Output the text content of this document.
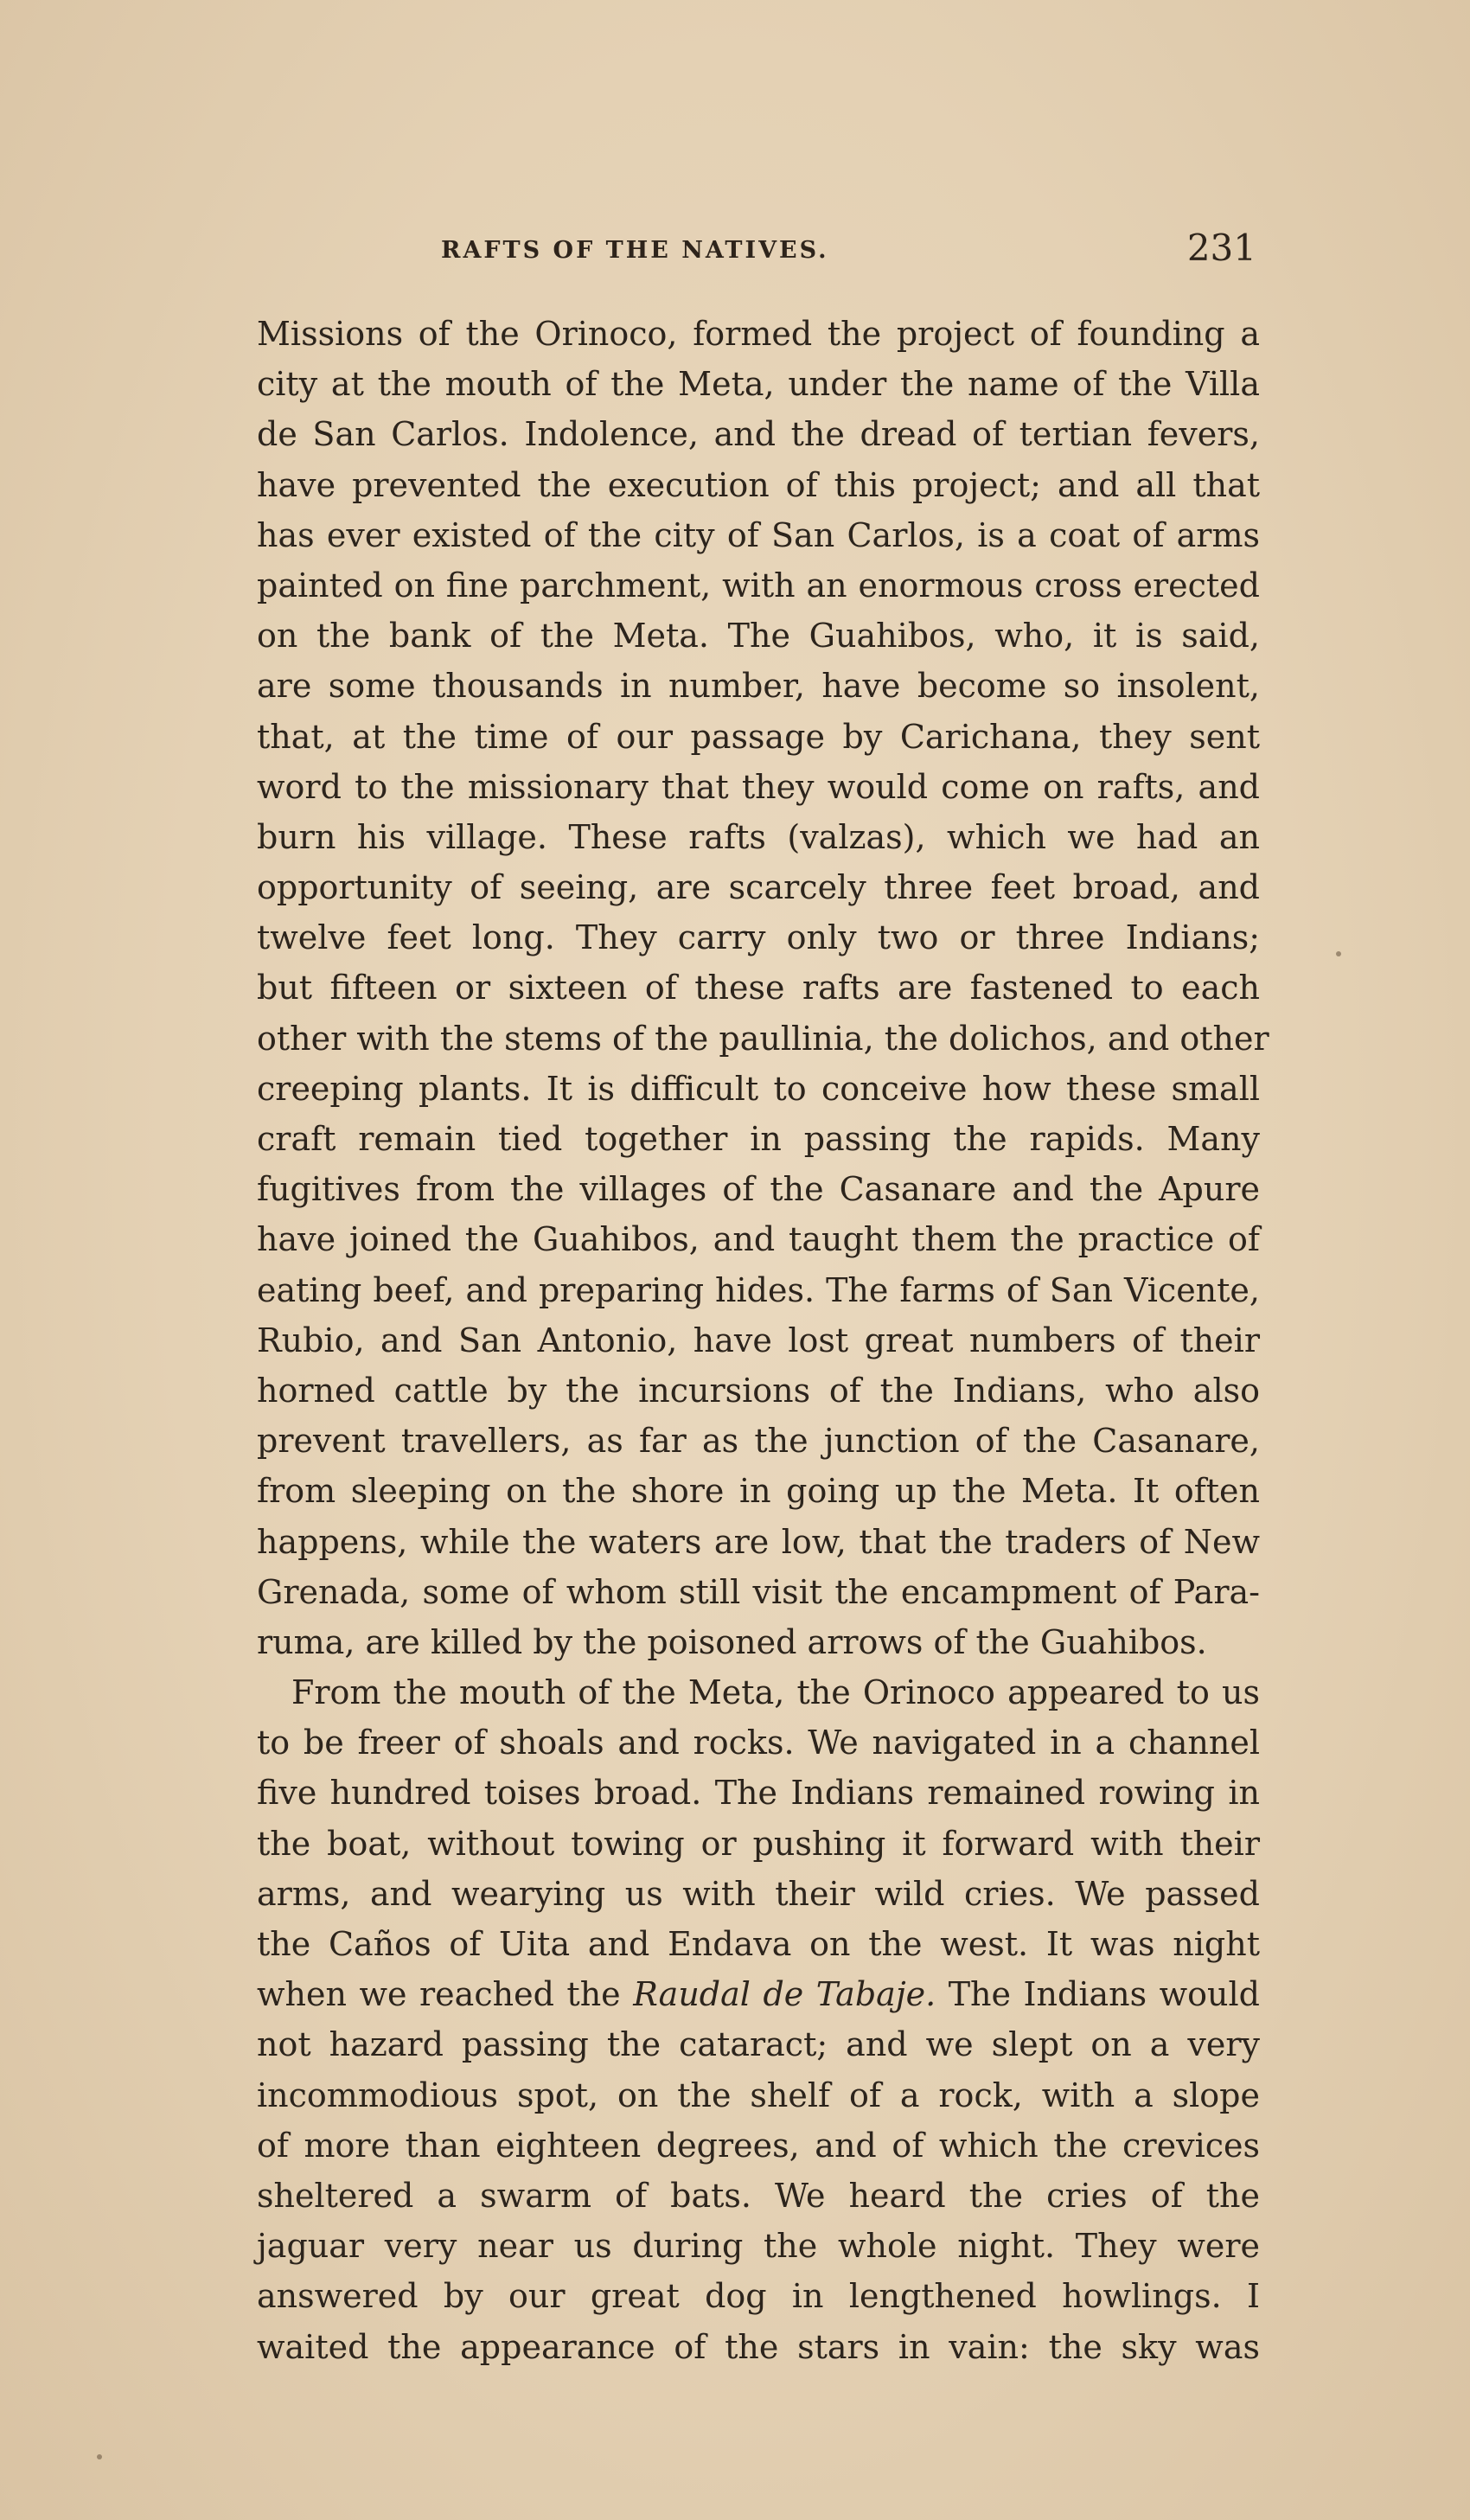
RAFTS OF THE NATIVES.	231
Missions of the Orinoco, formed the project of founding a
city at the mouth of the Meta, under the name of the Villa
de San Carlos. Indolence, and the dread of tertian fevers,
have prevented the execution of this project; and all that
has ever existed of the city of San Carlos, is a coat of arms
painted on fine parchment, with an enormous cross erected
on the bank of the Meta. The Guahibos, who, it is said,
are some thousands in number, have become so insolent,
that, at the time of our passage by Carichana, they sent
word to the missionary that they would come on rafts, and
burn his village. These rafts (valzas), which we had an
opportunity of seeing, are scarcely three feet broad, and
twelve feet long. They carry only two or three Indians;
but fifteen or sixteen of these rafts are fastened to each
other with the stems of the paullinia, the dolichos, and other
creeping plants. It is difficult to conceive how these small
craft remain tied together in passing the rapids. Many
fugitives from the villages of the Casanare and the Apure
have joined the Guahibos, and taught them the practice of
eating beef, and preparing hides. The farms of San Vicente,
Rubio, and San Antonio, have lost great numbers of their
horned cattle by the incursions of the Indians, who also
prevent travellers, as far as the junction of the Casanare,
from sleeping on the shore in going up the Meta. It often
happens, while the waters are low, that the traders of New
Grenada, some of whom still visit the encampment of Para-
ruma, are killed by the poisoned arrows of the Guahibos.
From the mouth of the Meta, the Orinoco appeared to us
to be freer of shoals and rocks. We navigated in a channel
five hundred toises broad. The Indians remained rowing in
the boat, without towing or pushing it forward with their
arms, and wearying us with their wild cries. We passed
the Caños of Uita and Endava on the west. It was night
when we reached the Raudal de Tabaje. The Indians would
not hazard passing the cataract; and we slept on a very
incommodious spot, on the shelf of a rock, with a slope
of more than eighteen degrees, and of which the crevices
sheltered a swarm of bats. We heard the cries of the
jaguar very near us during the whole night. They were
answered by our great dog in lengthened howlings. I
waited the appearance of the stars in vain: the sky was
